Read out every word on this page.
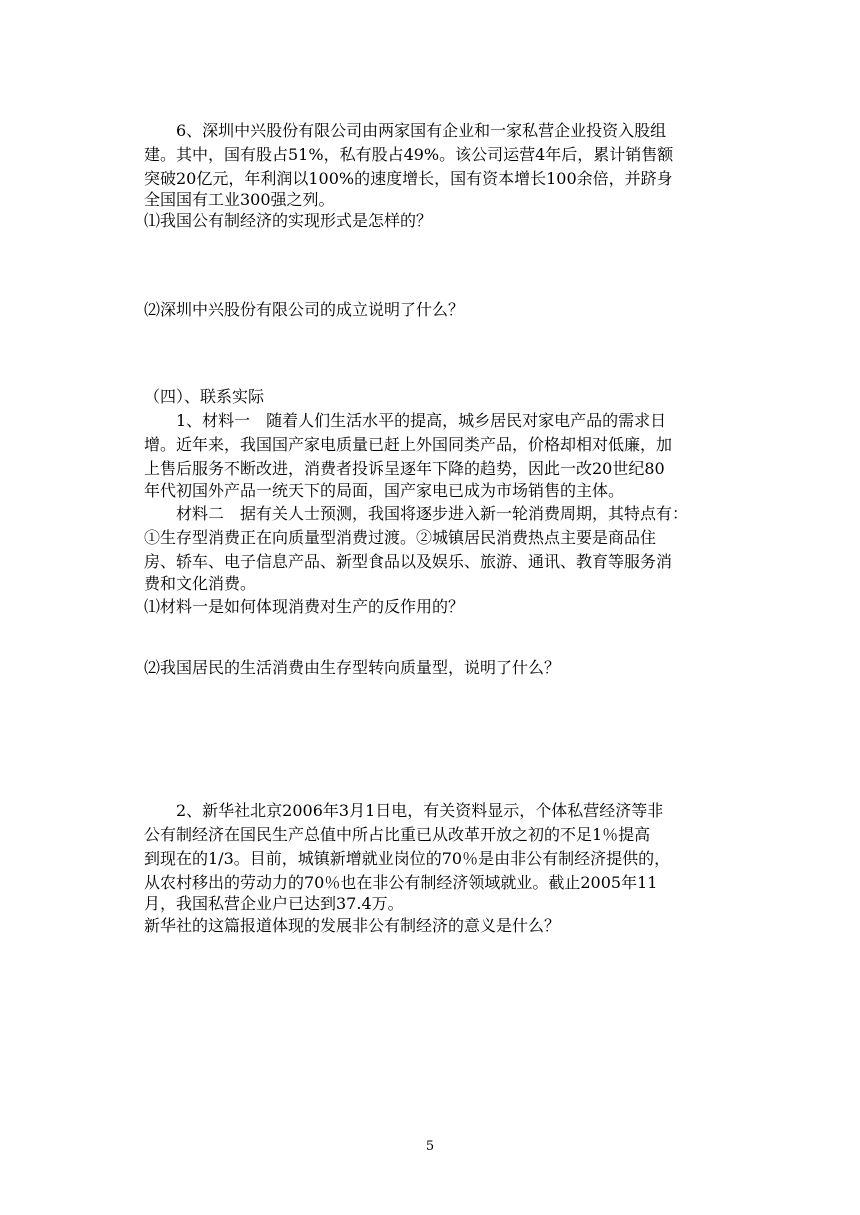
6、深圳中兴股份有限公司由两家国有企业和一家私营企业投资入股组
建。其中，国有股占51%，私有股占49%。该公司运营4年后，累计销售额
突破20亿元，年利润以100%的速度增长，国有资本增长100余倍，并跻身
全国国有工业300强之列。
⑴我国公有制经济的实现形式是怎样的？
⑵深圳中兴股份有限公司的成立说明了什么？
（四）、联系实际
1、材料一　随着人们生活水平的提高，城乡居民对家电产品的需求日
增。近年来，我国国产家电质量已赶上外国同类产品，价格却相对低廉，加
上售后服务不断改进，消费者投诉呈逐年下降的趋势，因此一改20世纪80
年代初国外产品一统天下的局面，国产家电已成为市场销售的主体。
材料二　据有关人士预测，我国将逐步进入新一轮消费周期，其特点有：
①生存型消费正在向质量型消费过渡。②城镇居民消费热点主要是商品住
房、轿车、电子信息产品、新型食品以及娱乐、旅游、通讯、教育等服务消
费和文化消费。
⑴材料一是如何体现消费对生产的反作用的？
⑵我国居民的生活消费由生存型转向质量型，说明了什么？
2、新华社北京2006年3月1日电，有关资料显示，个体私营经济等非
公有制经济在国民生产总值中所占比重已从改革开放之初的不足1％提高
到现在的1/3。目前，城镇新增就业岗位的70％是由非公有制经济提供的，
从农村移出的劳动力的70％也在非公有制经济领域就业。截止2005年11
月，我国私营企业户已达到37.4万。
新华社的这篇报道体现的发展非公有制经济的意义是什么？
5
